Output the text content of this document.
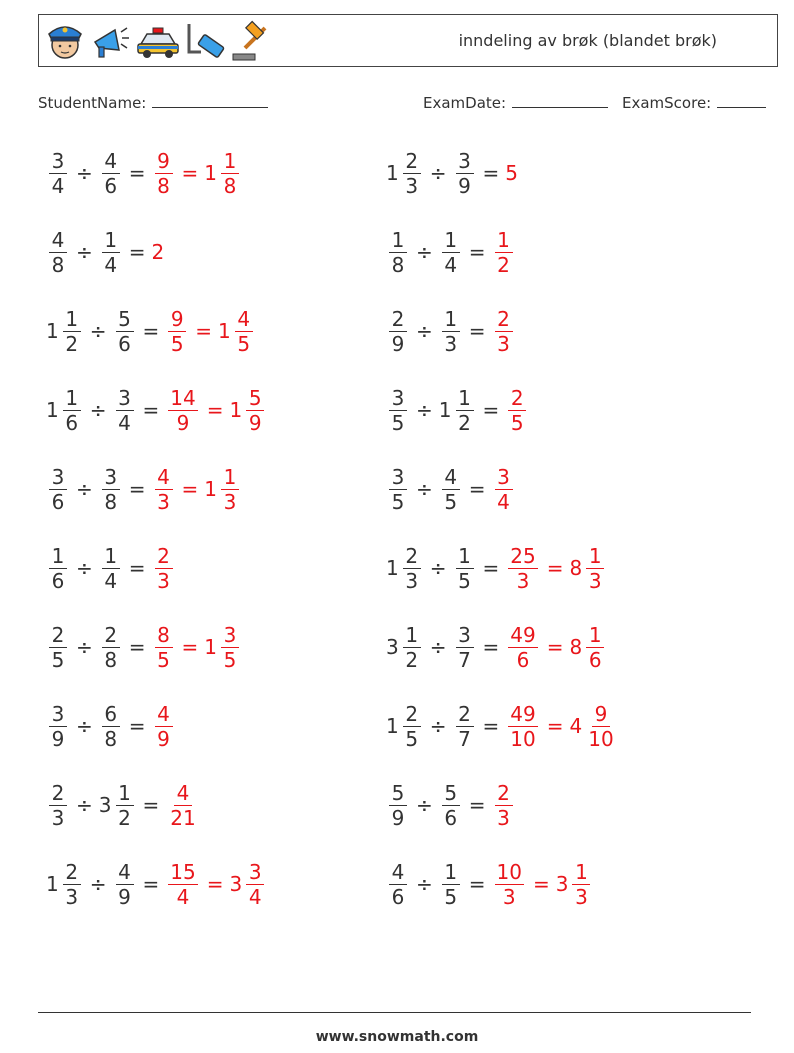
inndeling av brøk (blandet brøk)
StudentName:	ExamDate:	ExamScore:
$\frac{3}{4} \div \frac{4}{6} = \frac{9}{8} = 1 \frac{1}{8}$	$1 \frac{2}{3} \div \frac{3}{9} = 5$
$\frac{4}{8} \div \frac{1}{4} = 2$	$\frac{1}{8} \div \frac{1}{4} = \frac{1}{2}$
$1 \frac{1}{2} \div \frac{5}{6} = \frac{9}{5} = 1 \frac{4}{5}$	$\frac{2}{9} \div \frac{1}{3} = \frac{2}{3}$
$1 \frac{1}{6} \div \frac{3}{4} = \frac{14}{9} = 1 \frac{5}{9}$	$\frac{3}{5} \div 1 \frac{1}{2} = \frac{2}{5}$
$\frac{3}{6} \div \frac{3}{8} = \frac{4}{3} = 1 \frac{1}{3}$	$\frac{3}{5} \div \frac{4}{5} = \frac{3}{4}$
$\frac{1}{6} \div \frac{1}{4} = \frac{2}{3}$	$1 \frac{2}{3} \div \frac{1}{5} = \frac{25}{3} = 8 \frac{1}{3}$
$\frac{2}{5} \div \frac{2}{8} = \frac{8}{5} = 1 \frac{3}{5}$	$3 \frac{1}{2} \div \frac{3}{7} = \frac{49}{6} = 8 \frac{1}{6}$
$\frac{3}{9} \div \frac{6}{8} = \frac{4}{9}$	$1 \frac{2}{5} \div \frac{2}{7} = \frac{49}{10} = 4 \frac{9}{10}$
$\frac{2}{3} \div 3 \frac{1}{2} = \frac{4}{21}$	$\frac{5}{9} \div \frac{5}{6} = \frac{2}{3}$
$1 \frac{2}{3} \div \frac{4}{9} = \frac{15}{4} = 3 \frac{3}{4}$	$\frac{4}{6} \div \frac{1}{5} = \frac{10}{3} = 3 \frac{1}{3}$
www.snowmath.com
